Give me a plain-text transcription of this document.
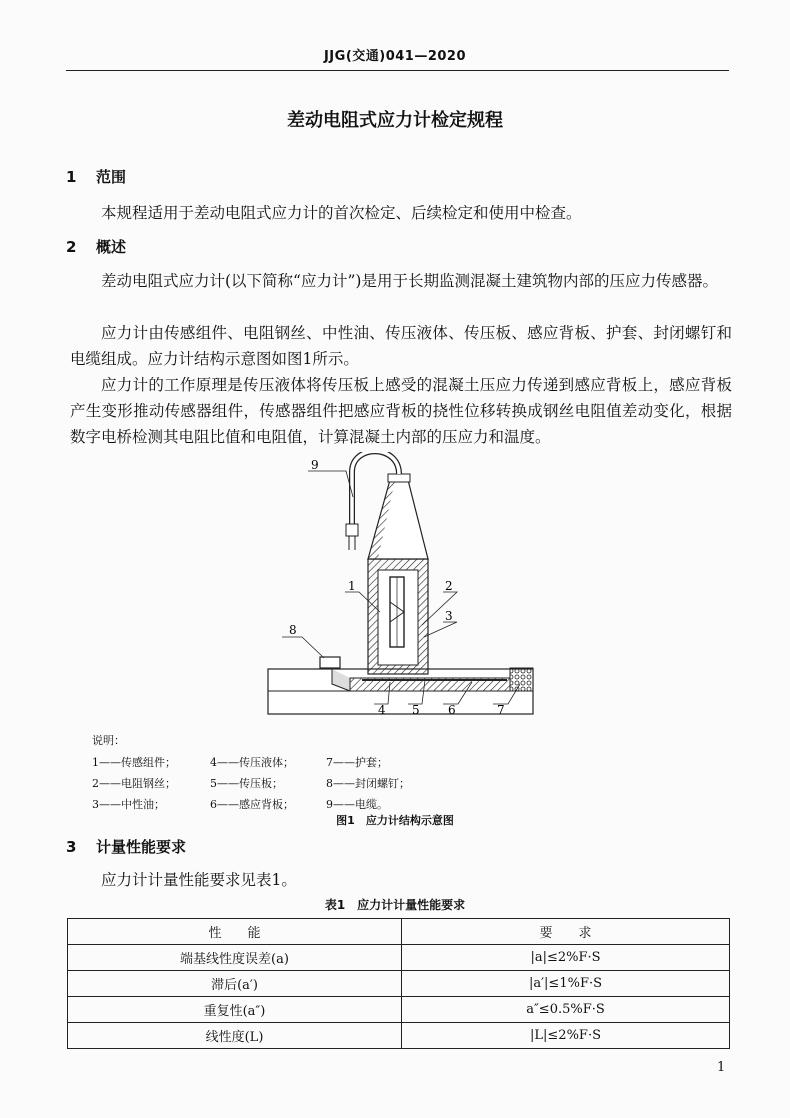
JJG(交通)041—2020
差动电阻式应力计检定规程
1 范围
本规程适用于差动电阻式应力计的首次检定、后续检定和使用中检查。
2 概述
差动电阻式应力计(以下简称“应力计”)是用于长期监测混凝土建筑物内部的压应力传感器。
应力计由传感组件、电阻钢丝、中性油、传压液体、传压板、感应背板、护套、封闭螺钉和电缆组成。应力计结构示意图如图1所示。
应力计的工作原理是传压液体将传压板上感受的混凝土压应力传递到感应背板上，感应背板产生变形推动传感器组件，传感器组件把感应背板的挠性位移转换成钢丝电阻值差动变化，根据数字电桥检测其电阻比值和电阻值，计算混凝土内部的压应力和温度。
9
1	2
3
8
4 5 6	7
说明：
1——传感组件；	4——传压液体；	7——护套；
2——电阻钢丝；	5——传压板；	8——封闭螺钉；
3——中性油；	6——感应背板；	9——电缆。
图1　应力计结构示意图
3 计量性能要求
应力计计量性能要求见表1。
表1　应力计计量性能要求
性　　能	要　　求
端基线性度误差(a)	|a|≤2%F·S
滞后(a′)	|a′|≤1%F·S
重复性(a″)	a″≤0.5%F·S
线性度(L)	|L|≤2%F·S
1
